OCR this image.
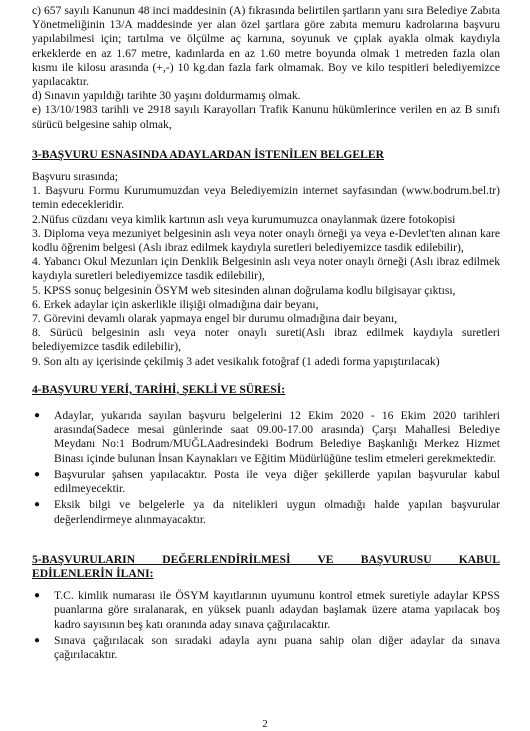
c) 657 sayılı Kanunun 48 inci maddesinin (A) fıkrasında belirtilen şartların yanı sıra Belediye Zabıta Yönetmeliğinin 13/A maddesinde yer alan özel şartlara göre zabıta memuru kadrolarına başvuru yapılabilmesi için; tartılma ve ölçülme aç karnına, soyunuk ve çıplak ayakla olmak kaydıyla erkeklerde en az 1.67 metre, kadınlarda en az 1.60 metre boyunda olmak 1 metreden fazla olan kısmı ile kilosu arasında (+,-) 10 kg.dan fazla fark olmamak. Boy ve kilo tespitleri belediyemizce yapılacaktır.

d) Sınavın yapıldığı tarihte 30 yaşını doldurmamış olmak.

e) 13/10/1983 tarihli ve 2918 sayılı Karayolları Trafik Kanunu hükümlerince verilen en az B sınıfı sürücü belgesine sahip olmak,

3-BAŞVURU ESNASINDA ADAYLARDAN İSTENİLEN BELGELER

Başvuru sırasında;

1. Başvuru Formu Kurumumuzdan veya Belediyemizin internet sayfasından (www.bodrum.bel.tr) temin edecekleridir.

2.Nüfus cüzdanı veya kimlik kartının aslı veya kurumumuzca onaylanmak üzere fotokopisi

3. Diploma veya mezuniyet belgesinin aslı veya noter onaylı örneği ya veya e-Devlet'ten alınan kare kodlu öğrenim belgesi (Aslı ibraz edilmek kaydıyla suretleri belediyemizce tasdik edilebilir),

4. Yabancı Okul Mezunları için Denklik Belgesinin aslı veya noter onaylı örneği (Aslı ibraz edilmek kaydıyla suretleri belediyemizce tasdik edilebilir),

5. KPSS sonuç belgesinin ÖSYM web sitesinden alınan doğrulama kodlu bilgisayar çıktısı,

6. Erkek adaylar için askerlikle ilişiği olmadığına dair beyanı,

7. Görevini devamlı olarak yapmaya engel bir durumu olmadığına dair beyanı,

8. Sürücü belgesinin aslı veya noter onaylı sureti(Aslı ibraz edilmek kaydıyla suretleri belediyemizce tasdik edilebilir),

9. Son altı ay içerisinde çekilmiş 3 adet vesikalık fotoğraf (1 adedi forma yapıştırılacak)

4-BAŞVURU YERİ, TARİHİ, ŞEKLİ VE SÜRESİ:

● Adaylar, yukarıda sayılan başvuru belgelerini 12 Ekim 2020 - 16 Ekim 2020 tarihleri arasında(Sadece mesai günlerinde saat 09.00-17.00 arasında) Çarşı Mahallesi Belediye Meydanı No:1 Bodrum/MUĞLAadresindeki Bodrum Belediye Başkanlığı Merkez Hizmet Binası içinde bulunan İnsan Kaynakları ve Eğitim Müdürlüğüne teslim etmeleri gerekmektedir.
● Başvurular şahsen yapılacaktır. Posta ile veya diğer şekillerde yapılan başvurular kabul edilmeyecektir.
● Eksik bilgi ve belgelerle ya da nitelikleri uygun olmadığı halde yapılan başvurular değerlendirmeye alınmayacaktır.

5-BAŞVURULARIN DEĞERLENDİRİLMESİ VE BAŞVURUSU KABUL

EDİLENLERİN İLANI:

● T.C. kimlik numarası ile ÖSYM kayıtlarının uyumunu kontrol etmek suretiyle adaylar KPSS puanlarına göre sıralanarak, en yüksek puanlı adaydan başlamak üzere atama yapılacak boş kadro sayısının beş katı oranında aday sınava çağırılacaktır.
● Sınava çağırılacak son sıradaki adayla aynı puana sahip olan diğer adaylar da sınava çağırılacaktır.
2
